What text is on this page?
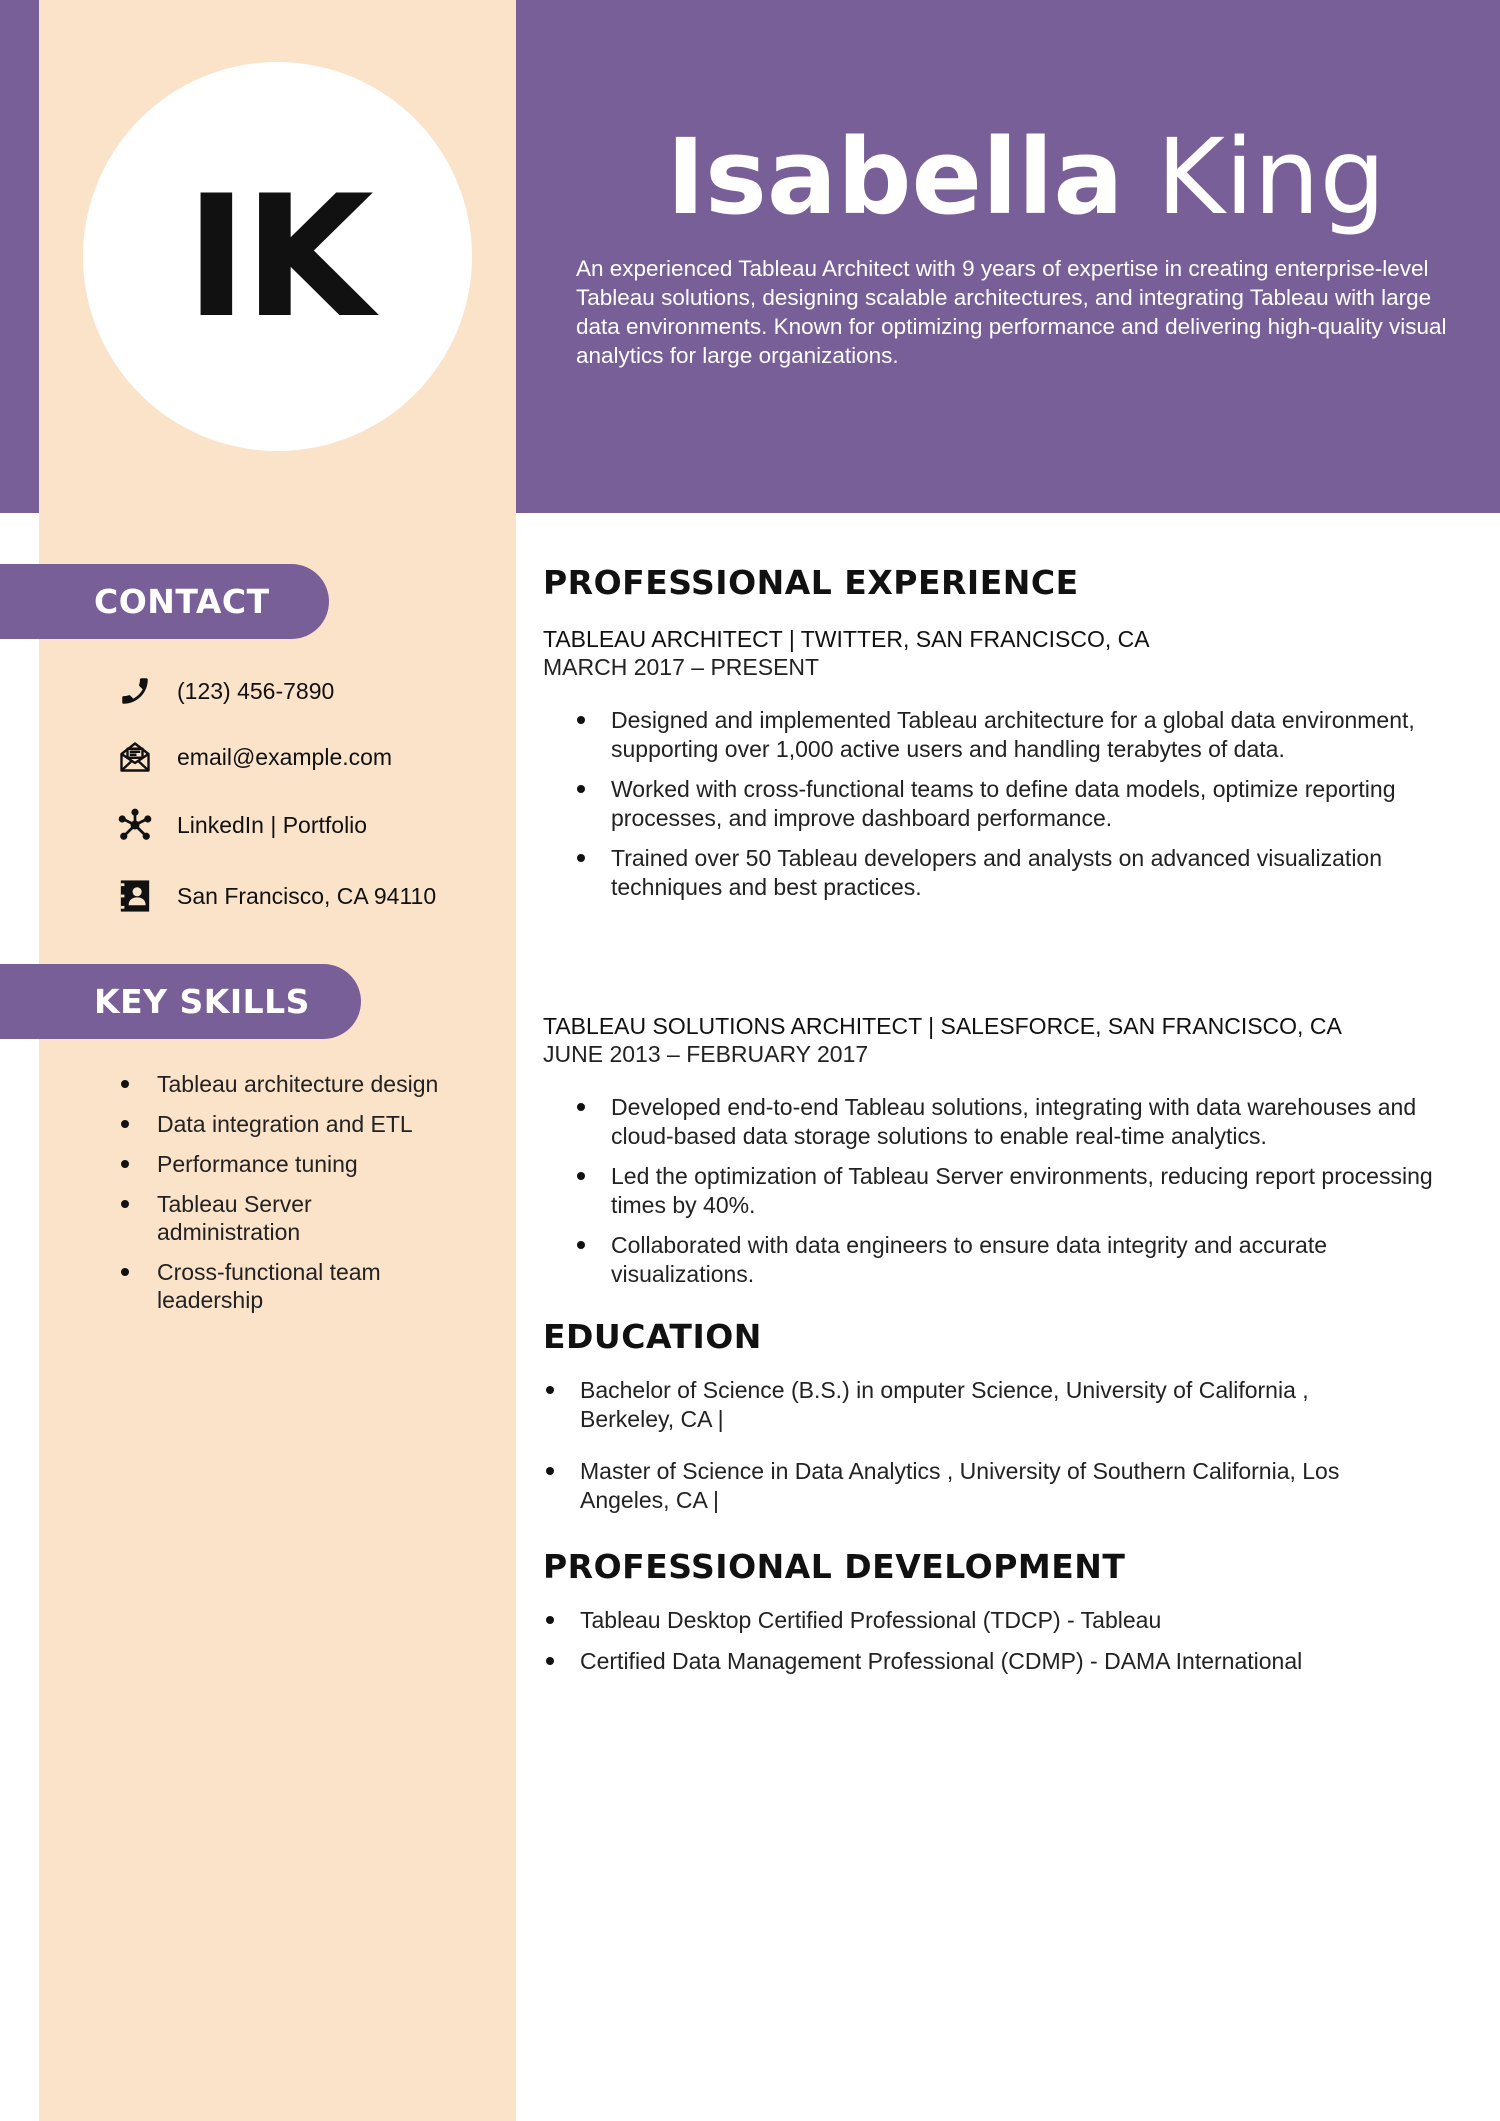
IK	Isabella King

An experienced Tableau Architect with 9 years of expertise in creating enterprise-level Tableau solutions, designing scalable architectures, and integrating Tableau with large data environments. Known for optimizing performance and delivering high-quality visual analytics for large organizations.

CONTACT
(123) 456-7890
email@example.com
LinkedIn | Portfolio
San Francisco, CA 94110
KEY SKILLS
Tableau architecture design
Data integration and ETL
Performance tuning
Tableau Server administration
Cross-functional team leadership
PROFESSIONAL EXPERIENCE

TABLEAU ARCHITECT | TWITTER, SAN FRANCISCO, CA

MARCH 2017 – PRESENT

Designed and implemented Tableau architecture for a global data environment, supporting over 1,000 active users and handling terabytes of data.
Worked with cross-functional teams to define data models, optimize reporting processes, and improve dashboard performance.
Trained over 50 Tableau developers and analysts on advanced visualization techniques and best practices.

TABLEAU SOLUTIONS ARCHITECT | SALESFORCE, SAN FRANCISCO, CA

JUNE 2013 – FEBRUARY 2017

Developed end-to-end Tableau solutions, integrating with data warehouses and cloud-based data storage solutions to enable real-time analytics.
Led the optimization of Tableau Server environments, reducing report processing times by 40%.
Collaborated with data engineers to ensure data integrity and accurate visualizations.
EDUCATION
Bachelor of Science (B.S.) in omputer Science, University of California , Berkeley, CA |
Master of Science in Data Analytics , University of Southern California, Los Angeles, CA |
PROFESSIONAL DEVELOPMENT
Tableau Desktop Certified Professional (TDCP) - Tableau
Certified Data Management Professional (CDMP) - DAMA International
